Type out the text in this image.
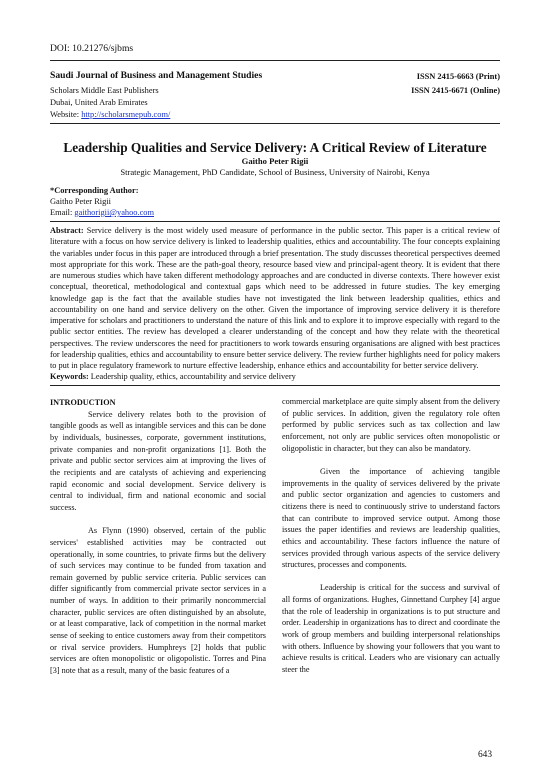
DOI: 10.21276/sjbms
Saudi Journal of Business and Management Studies	ISSN 2415-6663 (Print)
Scholars Middle East Publishers	ISSN 2415-6671 (Online)
Dubai, United Arab Emirates
Website: http://scholarsmepub.com/
Leadership Qualities and Service Delivery: A Critical Review of Literature
Gaitho Peter Rigii
Strategic Management, PhD Candidate, School of Business, University of Nairobi, Kenya
*Corresponding Author:
Gaitho Peter Rigii
Email: gaithorigii@yahoo.com
Abstract: Service delivery is the most widely used measure of performance in the public sector. This paper is a critical review of literature with a focus on how service delivery is linked to leadership qualities, ethics and accountability. The four concepts explaining the variables under focus in this paper are introduced through a brief presentation. The study discusses theoretical perspectives deemed most appropriate for this work. These are the path-goal theory, resource based view and principal-agent theory. It is evident that there are numerous studies which have taken different methodology approaches and are conducted in diverse contexts. There however exist conceptual, theoretical, methodological and contextual gaps which need to be addressed in future studies. The key emerging knowledge gap is the fact that the available studies have not investigated the link between leadership qualities, ethics and accountability on one hand and service delivery on the other. Given the importance of improving service delivery it is therefore imperative for scholars and practitioners to understand the nature of this link and to explore it to improve especially with regard to the public sector entities. The review has developed a clearer understanding of the concept and how they relate with the theoretical perspectives. The review underscores the need for practitioners to work towards ensuring organisations are aligned with best practices for leadership qualities, ethics and accountability to ensure better service delivery. The review further highlights need for policy makers to put in place regulatory framework to nurture effective leadership, enhance ethics and accountability for better service delivery.
Keywords: Leadership quality, ethics, accountability and service delivery

INTRODUCTION

Service delivery relates both to the provision of tangible goods as well as intangible services and this can be done by individuals, businesses, corporate, government institutions, private companies and non-profit organizations [1]. Both the private and public sector services aim at improving the lives of the recipients and are catalysts of achieving and experiencing rapid economic and social development. Service delivery is central to individual, firm and national economic and social success.

As Flynn (1990) observed, certain of the public services' established activities may be contracted out operationally, in some countries, to private firms but the delivery of such services may continue to be funded from taxation and remain governed by public service criteria. Public services can differ significantly from commercial private sector services in a number of ways. In addition to their primarily noncommercial character, public services are often distinguished by an absolute, or at least comparative, lack of competition in the normal market sense of seeking to entice customers away from their competitors or rival service providers. Humphreys [2] holds that public services are often monopolistic or oligopolistic. Torres and Pina [3] note that as a result, many of the basic features of a

commercial marketplace are quite simply absent from the delivery of public services. In addition, given the regulatory role often performed by public services such as tax collection and law enforcement, not only are public services often monopolistic or oligopolistic in character, but they can also be mandatory.

Given the importance of achieving tangible improvements in the quality of services delivered by the private and public sector organization and agencies to customers and citizens there is need to continuously strive to understand factors that can contribute to improved service output. Among those issues the paper identifies and reviews are leadership qualities, ethics and accountability. These factors influence the nature of services provided through various aspects of the service delivery structures, processes and components.

Leadership is critical for the success and survival of all forms of organizations. Hughes, Ginnettand Curphey [4] argue that the role of leadership in organizations is to put structure and order. Leadership in organizations has to direct and coordinate the work of group members and building interpersonal relationships with others. Influence by showing your followers that you want to achieve results is critical. Leaders who are visionary can actually steer the

643
